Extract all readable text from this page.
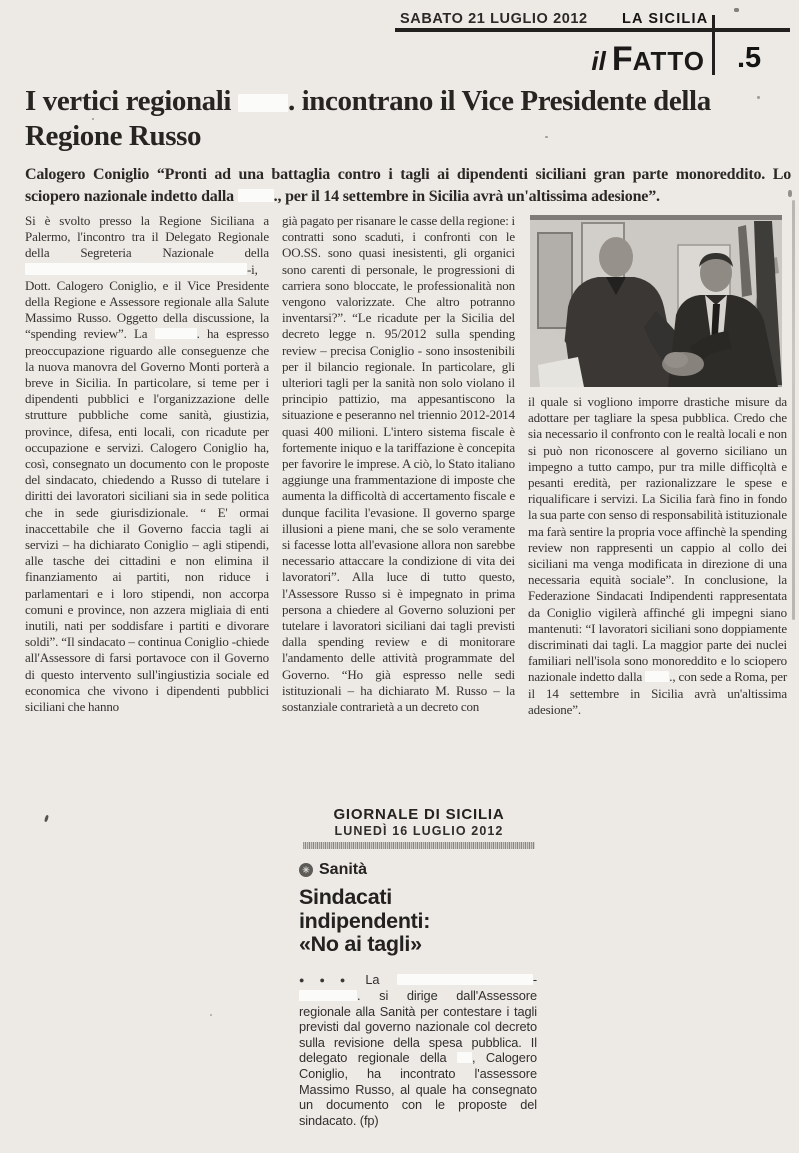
SABATO 21 LUGLIO 2012 LA SICILIA
il F ATTO .5
I vertici regionali . incontrano il Vice Presidente della Regione Russo
Calogero Coniglio “Pronti ad una battaglia contro i tagli ai dipendenti siciliani gran parte monoreddito. Lo sciopero nazionale indetto dalla ., per il 14 settembre in Sicilia avrà un'altissima adesione”.
Si è svolto presso la Regione Siciliana a Palermo, l'incontro tra il Delegato Regionale della Segreteria Nazionale della -i, Dott. Calogero Coniglio, e il Vice Presidente della Regione e Assessore regionale alla Salute Massimo Russo. Oggetto della discussione, la “spending review”. La	. ha espresso preoccupazione riguardo alle conseguenze che la nuova manovra del Governo Monti porterà a breve in Sicilia. In particolare, si teme per i dipendenti pubblici e l'organizzazione delle strutture pubbliche come sanità, giustizia, province, difesa, enti locali, con ricadute per occupazione e servizi. Calogero Coniglio ha, così, consegnato un documento con le proposte del sindacato, chiedendo a Russo di tutelare i diritti dei lavoratori siciliani sia in sede politica che in sede giurisdizionale. “ E' ormai inaccettabile che il Governo faccia tagli ai servizi – ha dichiarato Coniglio – agli stipendi, alle tasche dei cittadini e non elimina il finanziamento ai partiti, non riduce i parlamentari e i loro stipendi, non accorpa comuni e province, non azzera migliaia di enti inutili, nati per soddisfare i partiti e divorare soldi”. “Il sindacato – continua Coniglio -chiede all'Assessore di farsi portavoce con il Governo di questo intervento sull'ingiustizia sociale ed economica che vivono i dipendenti pubblici siciliani che hanno
già pagato per risanare le casse della regione: i contratti sono scaduti, i confronti con le OO.SS. sono quasi inesistenti, gli organici sono carenti di personale, le progressioni di carriera sono bloccate, le professionalità non vengono valorizzate. Che altro potranno inventarsi?”. “Le ricadute per la Sicilia del decreto legge n. 95/2012 sulla spending review – precisa Coniglio - sono insostenibili per il bilancio regionale. In particolare, gli ulteriori tagli per la sanità non solo violano il principio pattizio, ma appesantiscono la situazione e peseranno nel triennio 2012-2014 quasi 400 milioni. L'intero sistema fiscale è fortemente iniquo e la tariffazione è concepita per favorire le imprese. A ciò, lo Stato italiano aggiunge una frammentazione di imposte che aumenta la difficoltà di accertamento fiscale e dunque facilita l'evasione. Il governo sparge illusioni a piene mani, che se solo veramente si facesse lotta all'evasione allora non sarebbe necessario attaccare la condizione di vita dei lavoratori”. Alla luce di tutto questo, l'Assessore Russo si è impegnato in prima persona a chiedere al Governo soluzioni per tutelare i lavoratori siciliani dai tagli previsti dalla spending review e di monitorare l'andamento delle attività programmate del Governo. “Ho già espresso nelle sedi istituzionali – ha dichiarato M. Russo – la sostanziale contrarietà a un decreto con
il quale si vogliono imporre drastiche misure da adottare per tagliare la spesa pubblica. Credo che sia necessario il confronto con le realtà locali e non si può non riconoscere al governo siciliano un impegno a tutto campo, pur tra mille difficoltà e pesanti eredità, per razionalizzare le spese e riqualificare i servizi. La Sicilia farà fino in fondo la sua parte con senso di responsabilità istituzionale ma farà sentire la propria voce affinchè la spending review non rappresenti un cappio al collo dei siciliani ma venga modificata in direzione di una necessaria equità sociale”. In conclusione, la Federazione Sindacati Indipendenti rappresentata da Coniglio vigilerà affinché gli impegni siano mantenuti: “I lavoratori siciliani sono doppiamente discriminati dai tagli. La maggior parte dei nuclei familiari nell'isola sono monoreddito e lo sciopero nazionale indetto dalla ., con sede a Roma, per il 14 settembre in Sicilia avrà un'altissima adesione”.
GIORNALE DI SICILIA
LUNEDÌ 16 LUGLIO 2012
✳ Sanità
Sindacati
indipendenti:
«No ai tagli»

●●● La	-. si dirige dall'Assessore regionale alla Sanità per contestare i tagli previsti dal governo nazionale col decreto sulla revisione della spesa pubblica. Il delegato regionale della , Calogero Coniglio, ha incontrato l'assessore Massimo Russo, al quale ha consegnato un documento con le proposte del sindacato. (fp)
